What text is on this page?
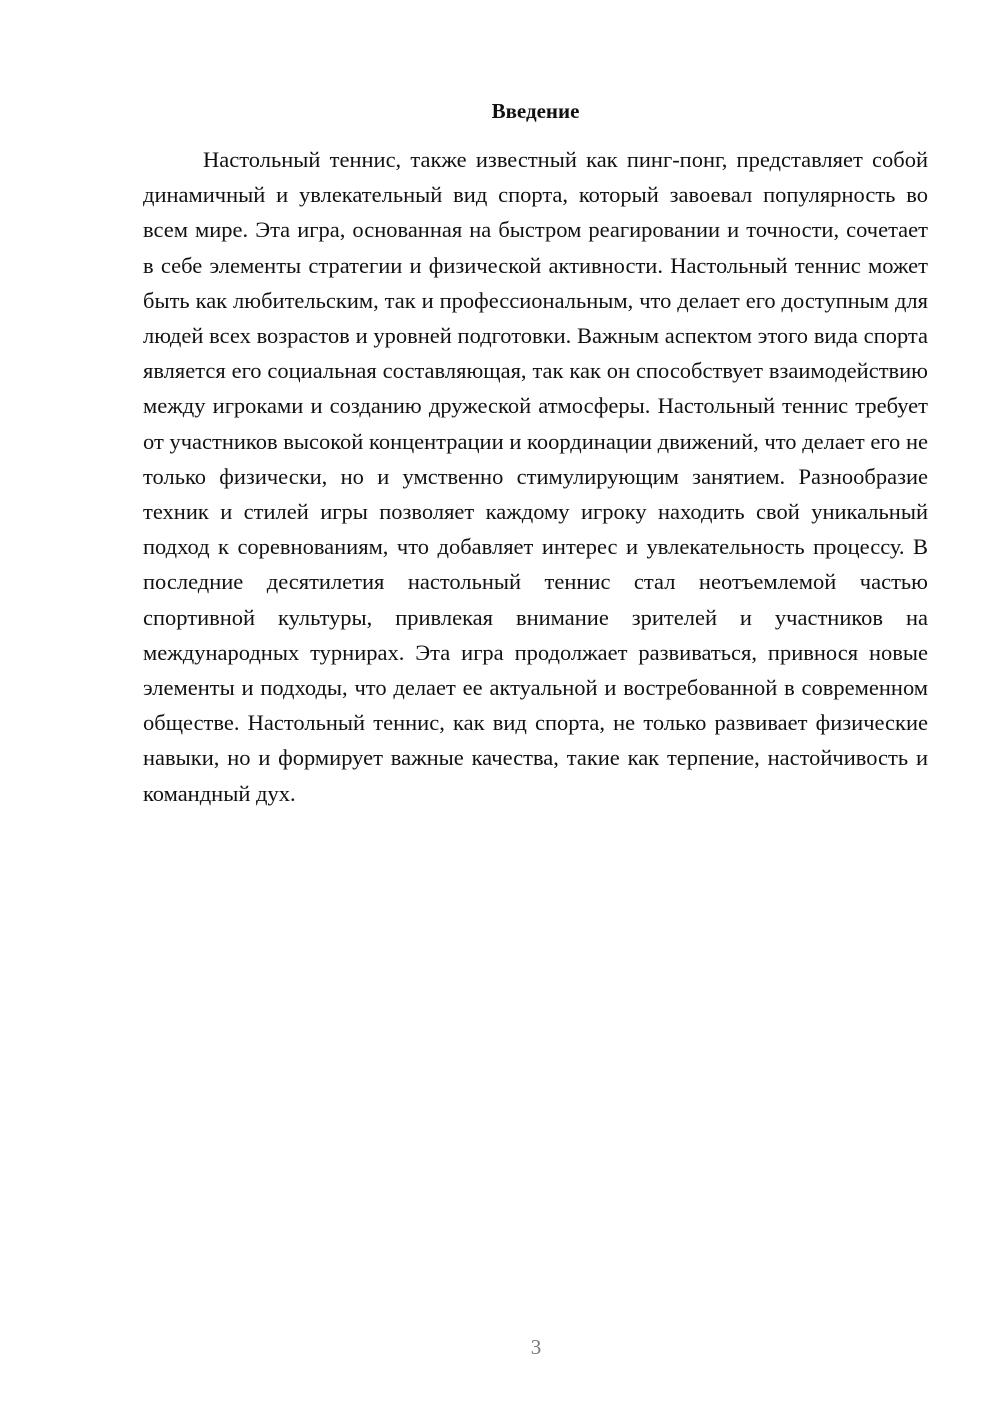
Введение

Настольный теннис, также известный как пинг-понг, представляет собой динамичный и увлекательный вид спорта, который завоевал популярность во всем мире. Эта игра, основанная на быстром реагировании и точности, сочетает в себе элементы стратегии и физической активности. Настольный теннис может быть как любительским, так и профессиональным, что делает его доступным для людей всех возрастов и уровней подготовки. Важным аспектом этого вида спорта является его социальная составляющая, так как он способствует взаимодействию между игроками и созданию дружеской атмосферы. Настольный теннис требует от участников высокой концентрации и координации движений, что делает его не только физически, но и умственно стимулирующим занятием. Разнообразие техник и стилей игры позволяет каждому игроку находить свой уникальный подход к соревнованиям, что добавляет интерес и увлекательность процессу. В последние десятилетия настольный теннис стал неотъемлемой частью спортивной культуры, привлекая внимание зрителей и участников на международных турнирах. Эта игра продолжает развиваться, привнося новые элементы и подходы, что делает ее актуальной и востребованной в современном обществе. Настольный теннис, как вид спорта, не только развивает физические навыки, но и формирует важные качества, такие как терпение, настойчивость и командный дух.

3
